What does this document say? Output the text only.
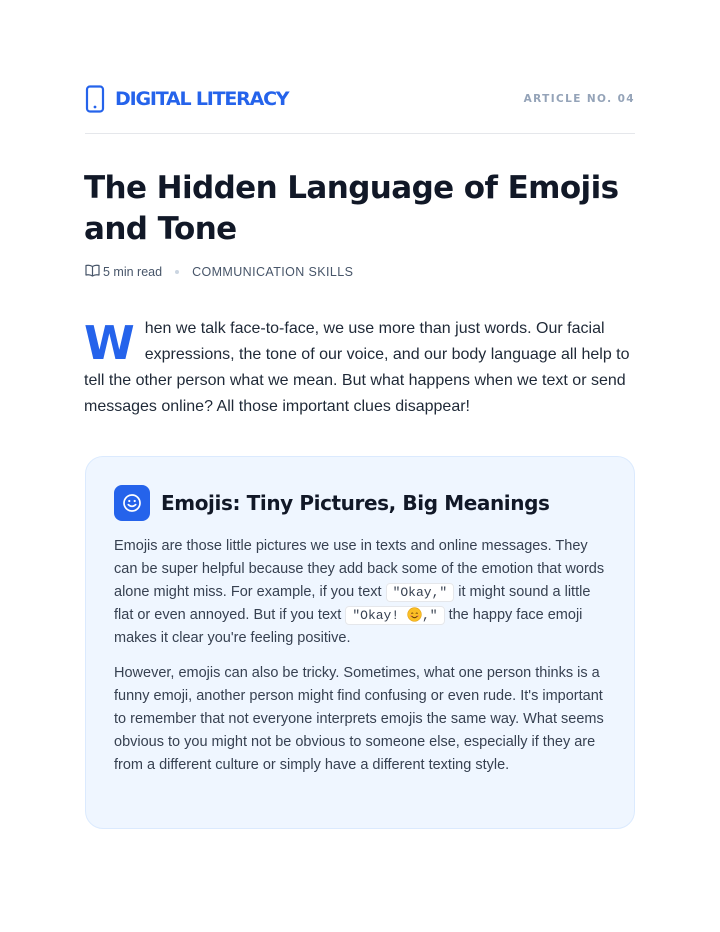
DIGITAL LITERACY	ARTICLE NO. 04
The Hidden Language of Emojis and Tone
5 min read COMMUNICATION SKILLS

When we talk face-to-face, we use more than just words. Our facial expressions, the tone of our voice, and our body language all help to tell the other person what we mean. But what happens when we text or send messages online? All those important clues disappear!

Emojis: Tiny Pictures, Big Meanings

Emojis are those little pictures we use in texts and online messages. They can be super helpful because they add back some of the emotion that words alone might miss. For example, if you text "Okay," it might sound a little flat or even annoyed. But if you text "Okay! ," the happy face emoji makes it clear you're feeling positive.

However, emojis can also be tricky. Sometimes, what one person thinks is a funny emoji, another person might find confusing or even rude. It's important to remember that not everyone interprets emojis the same way. What seems obvious to you might not be obvious to someone else, especially if they are from a different culture or simply have a different texting style.
